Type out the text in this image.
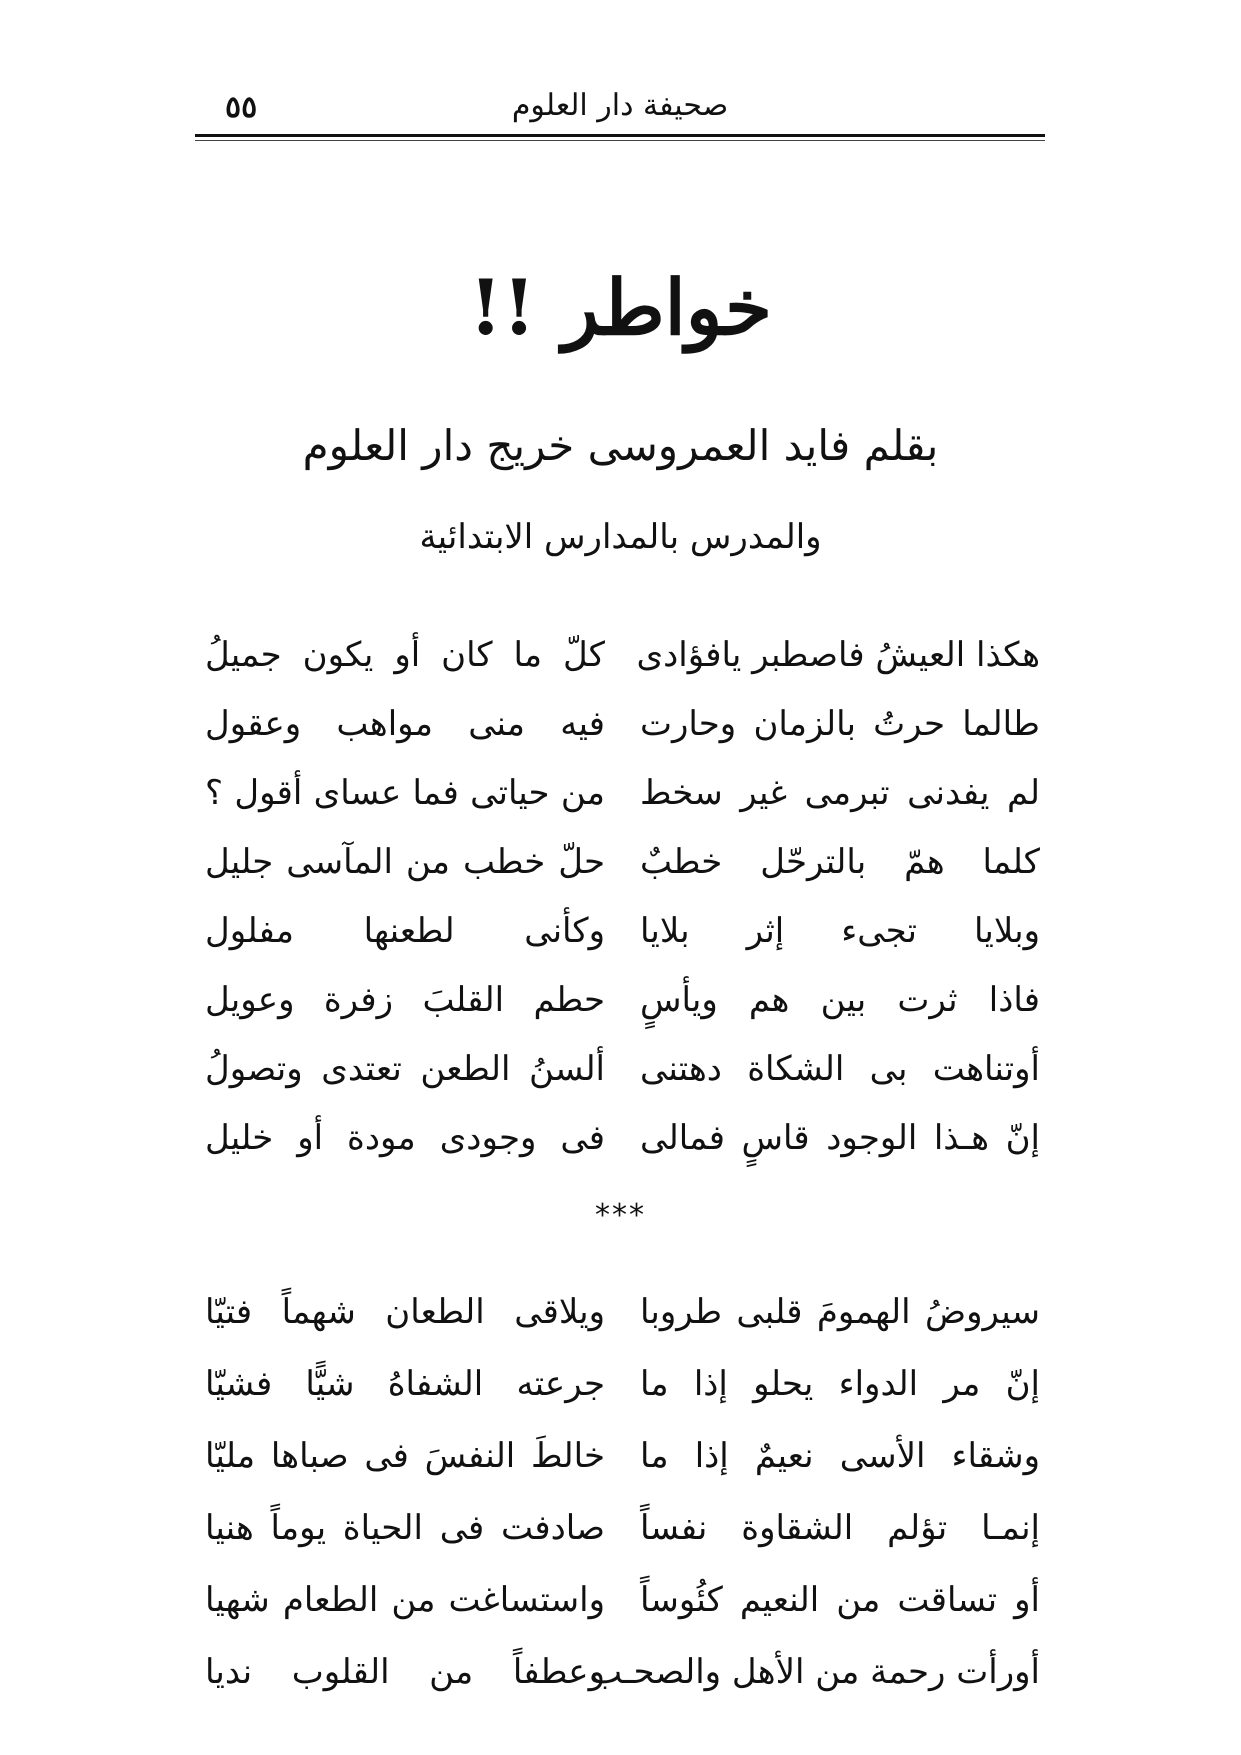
٥٥	صحيفة دار العلوم
خواطر !!
بقلم فايد العمروسى خريج دار العلوم
والمدرس بالمدارس الابتدائية
هكذا العيشُ فاصطبر يافؤادى
كلّ ما كان أو يكون جميلُ
طالما حرتُ بالزمان وحارت
فيه منى مواهب وعقول
لم يفدنى تبرمى غير سخط
من حياتى فما عساى أقول ؟
كلما همّ بالترحّل خطبٌ
حلّ خطب من المآسى جليل
وبلايا تجىء إثر بلايا
وكأنى لطعنها مفلول
فاذا ثرت بين هم ويأسٍ
حطم القلبَ زفرة وعويل
أوتناهت بى الشكاة دهتنى
ألسنُ الطعن تعتدى وتصولُ
إنّ هـذا الوجود قاسٍ فمالى
فى وجودى مودة أو خليل
***
سيروضُ الهمومَ قلبى طروبا
ويلاقى الطعان شهماً فتيّا
إنّ مر الدواء يحلو إذا ما
جرعته الشفاهُ شيًّا فشيّا
وشقاء الأسى نعيمٌ إذا ما
خالطَ النفسَ فى صباها مليّا
إنمـا تؤلم الشقاوة نفساً
صادفت فى الحياة يوماً هنيا
أو تساقت من النعيم كئُوساً
واستساغت من الطعام شهيا
أورأت رحمة من الأهل والصحـب
وعطفاً من القلوب نديا
